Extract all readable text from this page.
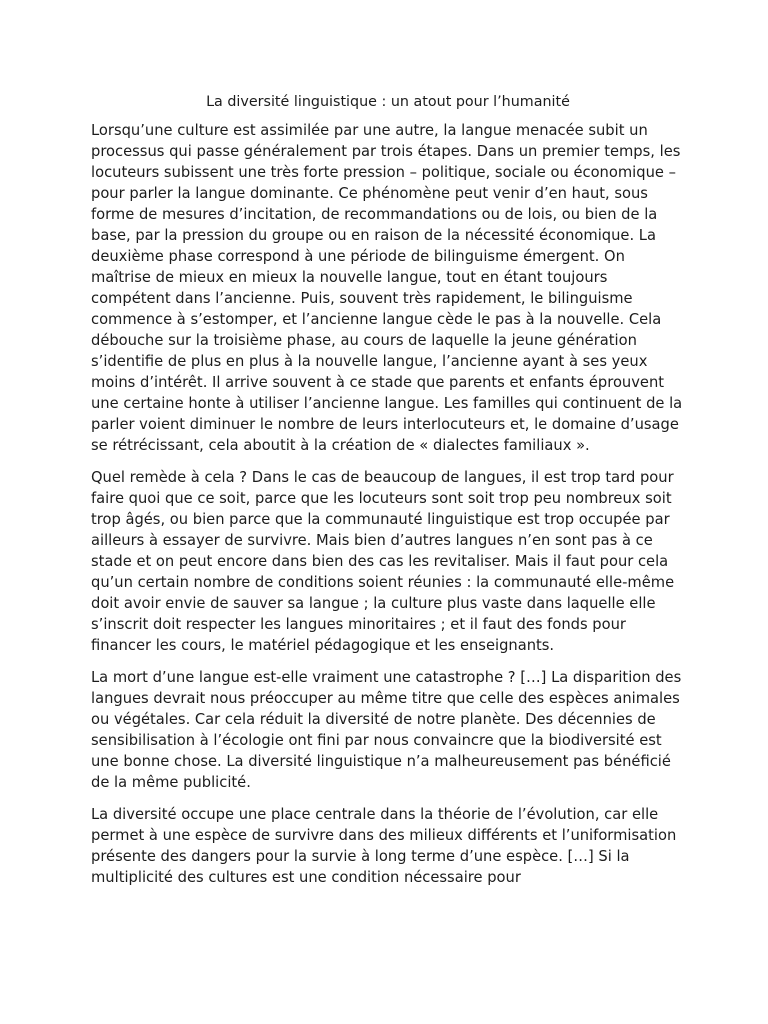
La diversité linguistique : un atout pour l’humanité

Lorsqu’une culture est assimilée par une autre, la langue menacée subit un processus qui passe généralement par trois étapes. Dans un premier temps, les locuteurs subissent une très forte pression – politique, sociale ou économique – pour parler la langue dominante. Ce phénomène peut venir d’en haut, sous forme de mesures d’incitation, de recommandations ou de lois, ou bien de la base, par la pression du groupe ou en raison de la nécessité économique. La deuxième phase correspond à une période de bilinguisme émergent. On maîtrise de mieux en mieux la nouvelle langue, tout en étant toujours compétent dans l’ancienne. Puis, souvent très rapidement, le bilinguisme commence à s’estomper, et l’ancienne langue cède le pas à la nouvelle. Cela débouche sur la troisième phase, au cours de laquelle la jeune génération s’identifie de plus en plus à la nouvelle langue, l’ancienne ayant à ses yeux moins d’intérêt. Il arrive souvent à ce stade que parents et enfants éprouvent une certaine honte à utiliser l’ancienne langue. Les familles qui continuent de la parler voient diminuer le nombre de leurs interlocuteurs et, le domaine d’usage se rétrécissant, cela aboutit à la création de « dialectes familiaux ».

Quel remède à cela ? Dans le cas de beaucoup de langues, il est trop tard pour faire quoi que ce soit, parce que les locuteurs sont soit trop peu nombreux soit trop âgés, ou bien parce que la communauté linguistique est trop occupée par ailleurs à essayer de survivre. Mais bien d’autres langues n’en sont pas à ce stade et on peut encore dans bien des cas les revitaliser. Mais il faut pour cela qu’un certain nombre de conditions soient réunies : la communauté elle-même doit avoir envie de sauver sa langue ; la culture plus vaste dans laquelle elle s’inscrit doit respecter les langues minoritaires ; et il faut des fonds pour financer les cours, le matériel pédagogique et les enseignants.

La mort d’une langue est-elle vraiment une catastrophe ? […] La disparition des langues devrait nous préoccuper au même titre que celle des espèces animales ou végétales. Car cela réduit la diversité de notre planète. Des décennies de sensibilisation à l’écologie ont fini par nous convaincre que la biodiversité est une bonne chose. La diversité linguistique n’a malheureusement pas bénéficié de la même publicité.

La diversité occupe une place centrale dans la théorie de l’évolution, car elle permet à une espèce de survivre dans des milieux différents et l’uniformisation présente des dangers pour la survie à long terme d’une espèce. […] Si la multiplicité des cultures est une condition nécessaire pour
